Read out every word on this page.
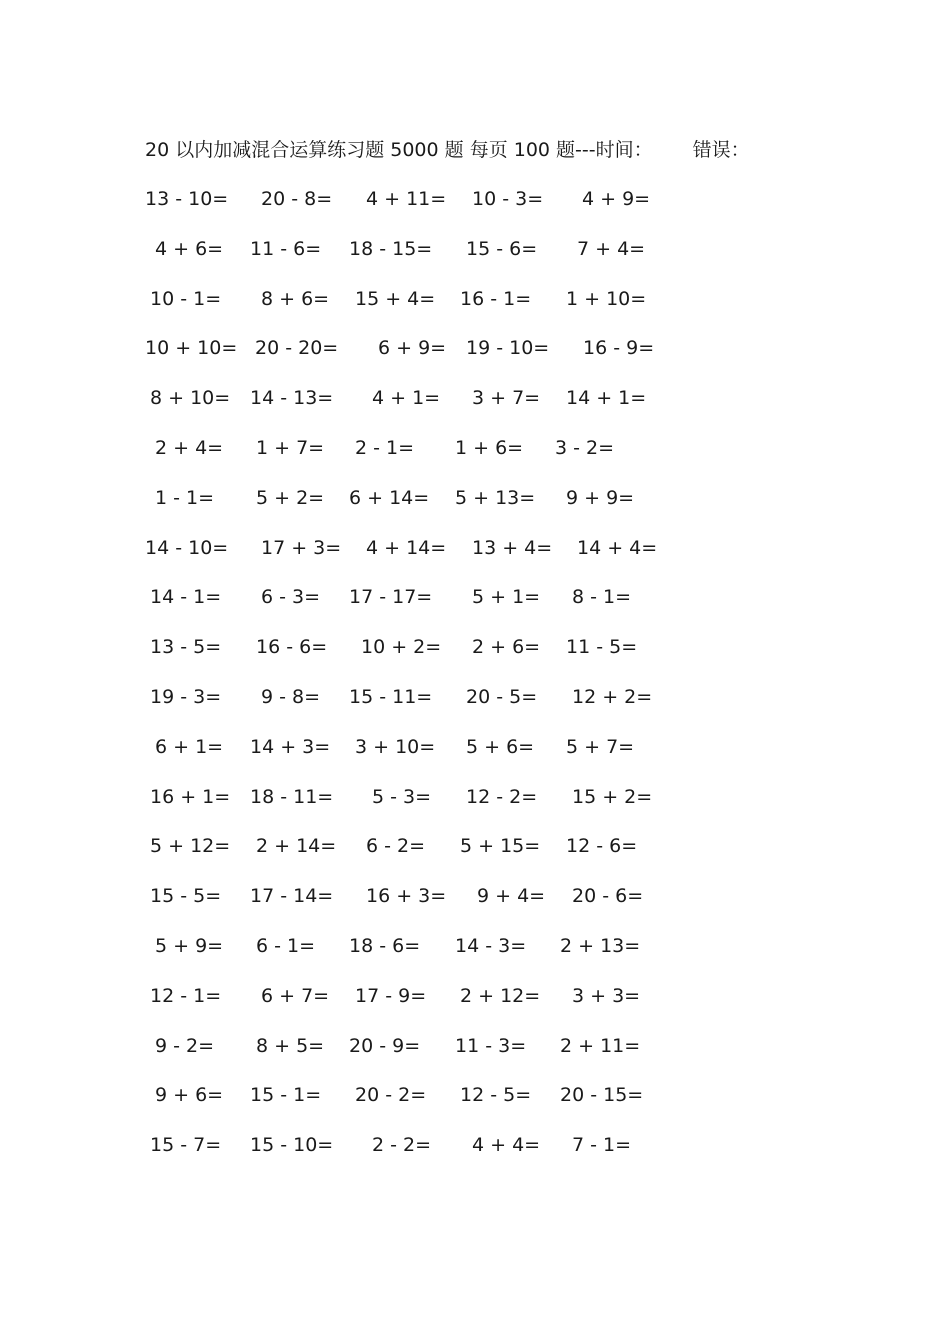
20 以内加减混合运算练习题 5000 题 每页 100 题---时间： 错误：
13 - 10= 20 - 8= 4 + 11= 10 - 3= 4 + 9=
4 + 6= 11 - 6= 18 - 15= 15 - 6= 7 + 4=
10 - 1= 8 + 6= 15 + 4= 16 - 1= 1 + 10=
10 + 10= 20 - 20= 6 + 9= 19 - 10= 16 - 9=
8 + 10= 14 - 13= 4 + 1= 3 + 7= 14 + 1=
2 + 4= 1 + 7= 2 - 1= 1 + 6= 3 - 2=
1 - 1= 5 + 2= 6 + 14= 5 + 13= 9 + 9=
14 - 10= 17 + 3= 4 + 14= 13 + 4= 14 + 4=
14 - 1= 6 - 3= 17 - 17= 5 + 1= 8 - 1=
13 - 5= 16 - 6= 10 + 2= 2 + 6= 11 - 5=
19 - 3= 9 - 8= 15 - 11= 20 - 5= 12 + 2=
6 + 1= 14 + 3= 3 + 10= 5 + 6= 5 + 7=
16 + 1= 18 - 11= 5 - 3= 12 - 2= 15 + 2=
5 + 12= 2 + 14= 6 - 2= 5 + 15= 12 - 6=
15 - 5= 17 - 14= 16 + 3= 9 + 4= 20 - 6=
5 + 9= 6 - 1= 18 - 6= 14 - 3= 2 + 13=
12 - 1= 6 + 7= 17 - 9= 2 + 12= 3 + 3=
9 - 2= 8 + 5= 20 - 9= 11 - 3= 2 + 11=
9 + 6= 15 - 1= 20 - 2= 12 - 5= 20 - 15=
15 - 7= 15 - 10= 2 - 2= 4 + 4= 7 - 1=
